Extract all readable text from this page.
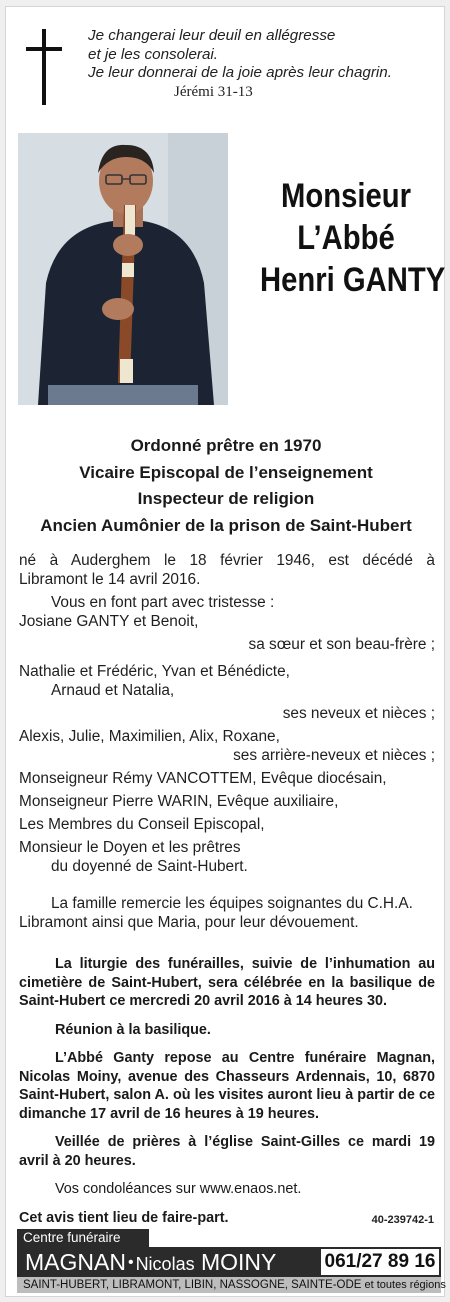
Je changerai leur deuil en allégresse
et je les consolerai.
Je leur donnerai de la joie après leur chagrin.
Jérémi 31-13
Monsieur
L’Abbé
Henri GANTY
Ordonné prêtre en 1970
Vicaire Episcopal de l’enseignement
Inspecteur de religion
Ancien Aumônier de la prison de Saint-Hubert
né à Auderghem le 18 février 1946, est décédé à
Libramont le 14 avril 2016.
Vous en font part avec tristesse :
Josiane GANTY et Benoit,
sa sœur et son beau-frère ;
Nathalie et Frédéric, Yvan et Bénédicte,
Arnaud et Natalia,
ses neveux et nièces ;
Alexis, Julie, Maximilien, Alix, Roxane,
ses arrière-neveux et nièces ;
Monseigneur Rémy VANCOTTEM, Evêque diocésain,
Monseigneur Pierre WARIN, Evêque auxiliaire,
Les Membres du Conseil Episcopal,
Monsieur le Doyen et les prêtres
du doyenné de Saint-Hubert.
La famille remercie les équipes soignantes du C.H.A.
Libramont ainsi que Maria, pour leur dévouement.
La liturgie des funérailles, suivie de l’inhumation au cimetière de Saint-Hubert, sera célébrée en la basilique de Saint-Hubert ce mercredi 20 avril 2016 à 14 heures 30.
Réunion à la basilique.
L’Abbé Ganty repose au Centre funéraire Magnan, Nicolas Moiny, avenue des Chasseurs Ardennais, 10, 6870 Saint-Hubert, salon A. où les visites auront lieu à partir de ce dimanche 17 avril de 16 heures à 19 heures.
Veillée de prières à l’église Saint-Gilles ce mardi 19 avril à 20 heures.
Vos condoléances sur www.enaos.net.
Cet avis tient lieu de faire-part.	40-239742-1
Centre funéraire
MAGNAN • Nicolas MOINY	061/27 89 16
SAINT-HUBERT, LIBRAMONT, LIBIN, NASSOGNE, SAINTE-ODE et toutes régions
